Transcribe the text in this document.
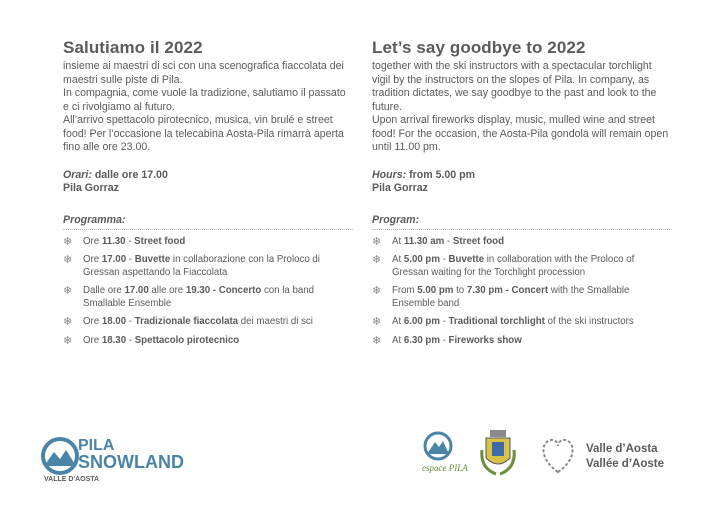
Salutiamo il 2022

insieme ai maestri di sci con una scenografica fiaccolata dei maestri sulle piste di Pila.

In compagnia, come vuole la tradizione, salutiamo il passato e ci rivolgiamo al futuro.

All’arrivo spettacolo pirotecnico, musica, vin brulé e street food! Per l’occasione la telecabina Aosta-Pila rimarrà aperta fino alle ore 23.00.

Orari: dalle ore 17.00
Pila Gorraz
Programma:
❄ Ore 11.30 - Street food
❄ Ore 17.00 - Buvette in collaborazione con la Proloco di Gressan aspettando la Fiaccolata
❄ Dalle ore 17.00 alle ore 19.30 - Concerto con la band Smallable Ensemble
❄ Ore 18.00 - Tradizionale fiaccolata dei maestri di sci
❄ Ore 18.30 - Spettacolo pirotecnico
Let’s say goodbye to 2022

together with the ski instructors with a spectacular torchlight vigil by the instructors on the slopes of Pila. In company, as tradition dictates, we say goodbye to the past and look to the future.

Upon arrival fireworks display, music, mulled wine and street food! For the occasion, the Aosta-Pila gondola will remain open until 11.00 pm.

Hours: from 5.00 pm
Pila Gorraz
Program:
❄ At 11.30 am - Street food
❄ At 5.00 pm - Buvette in collaboration with the Proloco of Gressan waiting for the Torchlight procession
❄ From 5.00 pm to 7.30 pm - Concert with the Smallable Ensemble band
❄ At 6.00 pm - Traditional torchlight of the ski instructors
❄ At 6.30 pm - Fireworks show
PILA
SNOWLAND
VALLE D'AOSTA
espace PILA
Valle d’Aosta
Vallée d’Aoste
